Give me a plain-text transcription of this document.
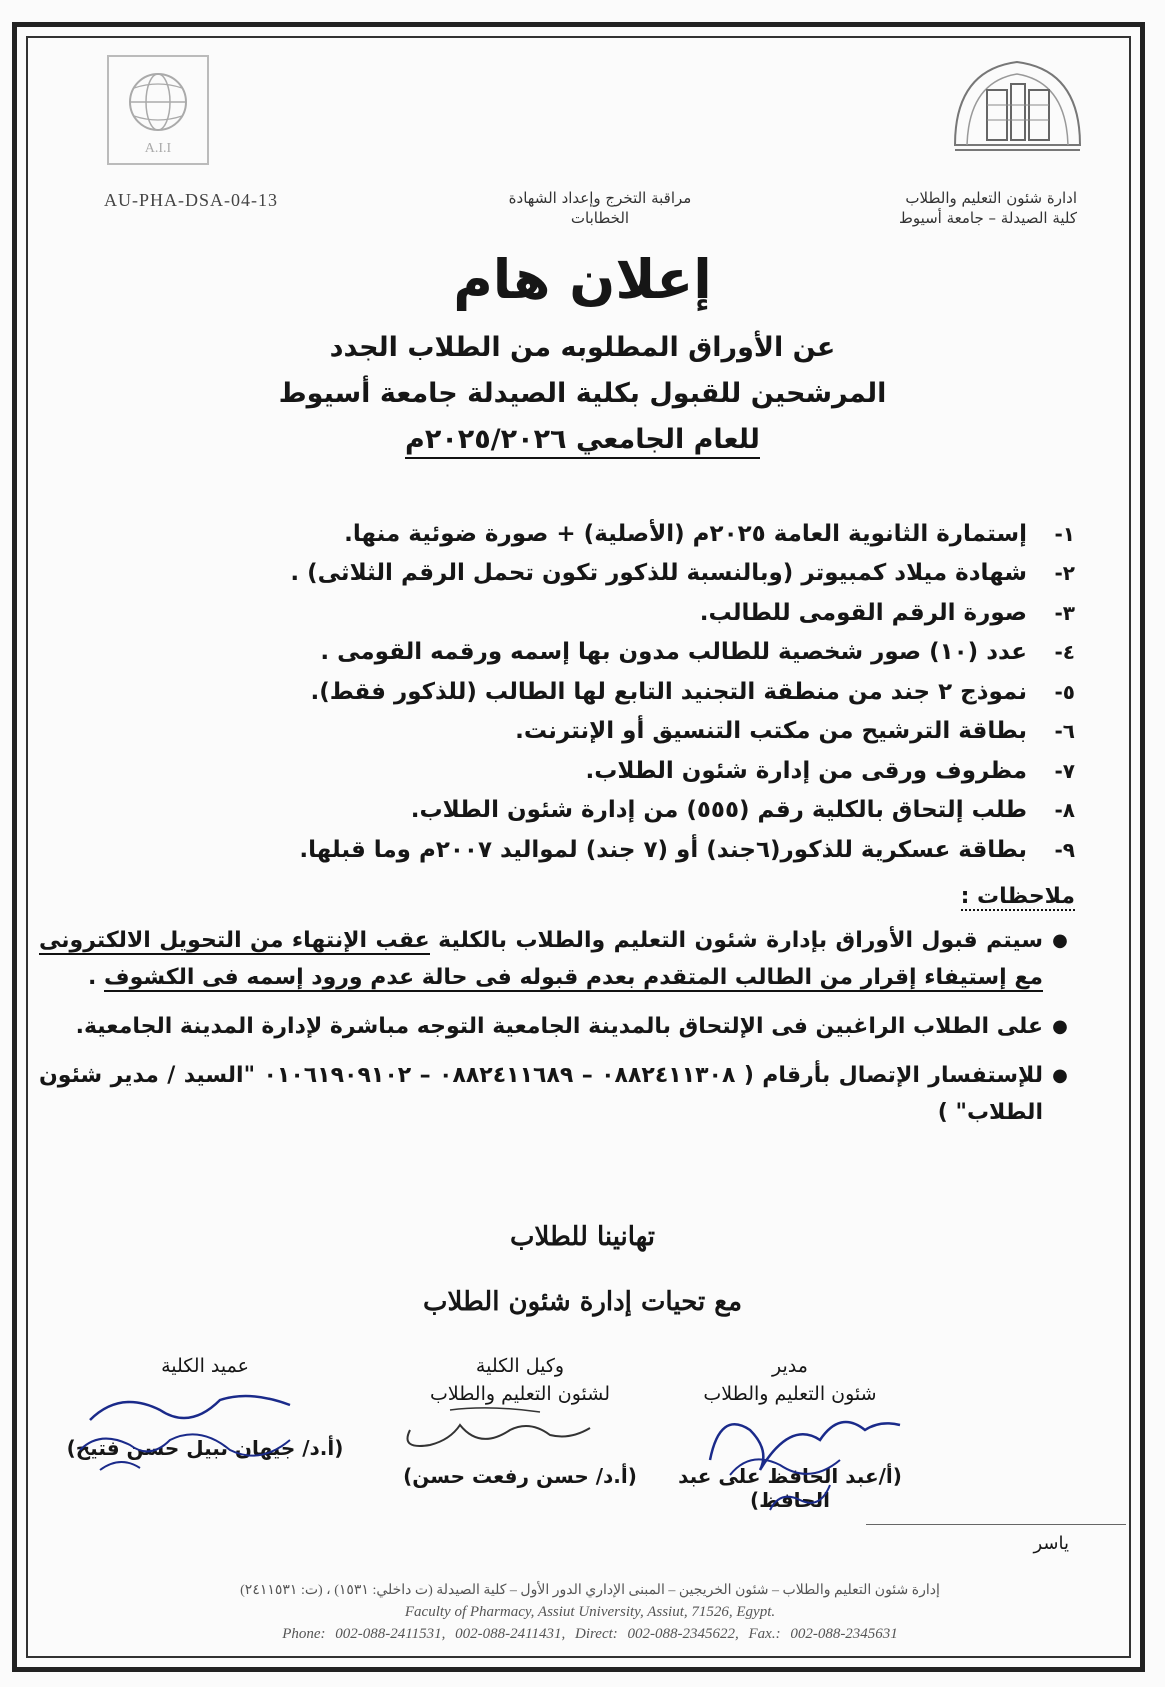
A.I.I
AU-PHA-DSA-04-13	مراقبة التخرج وإعداد الشهادة
الخطابات
ادارة شئون التعليم والطلاب
كلية الصيدلة – جامعة أسيوط
إعلان هام
عن الأوراق المطلوبه من الطلاب الجدد
المرشحين للقبول بكلية الصيدلة جامعة أسيوط
للعام الجامعي ٢٠٢٥/٢٠٢٦م
١-
إستمارة الثانوية العامة ٢٠٢٥م (الأصلية) + صورة ضوئية منها.
٢-
شهادة ميلاد كمبيوتر (وبالنسبة للذكور تكون تحمل الرقم الثلاثى) .
٣-
صورة الرقم القومى للطالب.
٤-
عدد (١٠) صور شخصية للطالب مدون بها إسمه ورقمه القومى .
٥-
نموذج ٢ جند من منطقة التجنيد التابع لها الطالب (للذكور فقط).
٦-
بطاقة الترشيح من مكتب التنسيق أو الإنترنت.
٧-
مظروف ورقى من إدارة شئون الطلاب.
٨-
طلب إلتحاق بالكلية رقم (٥٥٥) من إدارة شئون الطلاب.
٩-
بطاقة عسكرية للذكور(٦جند) أو (٧ جند) لمواليد ٢٠٠٧م وما قبلها.
ملاحظات :
●
سيتم قبول الأوراق بإدارة شئون التعليم والطلاب بالكلية عقب الإنتهاء من التحويل الالكترونى مع إستيفاء إقرار من الطالب المتقدم بعدم قبوله فى حالة عدم ورود إسمه فى الكشوف .
●
على الطلاب الراغبين فى الإلتحاق بالمدينة الجامعية التوجه مباشرة لإدارة المدينة الجامعية.
●
للإستفسار الإتصال بأرقام ( ٠٨٨٢٤١١٣٠٨ – ٠٨٨٢٤١١٦٨٩ – ٠١٠٦١٩٠٩١٠٢ "السيد / مدير شئون الطلاب" )
تهانينا للطلاب
مع تحيات إدارة شئون الطلاب
مدير
شئون التعليم والطلاب
(أ/عبد الحافظ على عبد الحافظ)
وكيل الكلية
لشئون التعليم والطلاب
(أ.د/ حسن رفعت حسن)
عميد الكلية
(أ.د/ جيهان نبيل حسن فتيح)
ياسر
إدارة شئون التعليم والطلاب – شئون الخريجين – المبنى الإداري الدور الأول – كلية الصيدلة (ت داخلي: ١٥٣١) ، (ت: ٢٤١١٥٣١)
Faculty of Pharmacy, Assiut University, Assiut, 71526, Egypt.
Phone: 002-088-2411531, 002-088-2411431, Direct: 002-088-2345622, Fax.: 002-088-2345631
